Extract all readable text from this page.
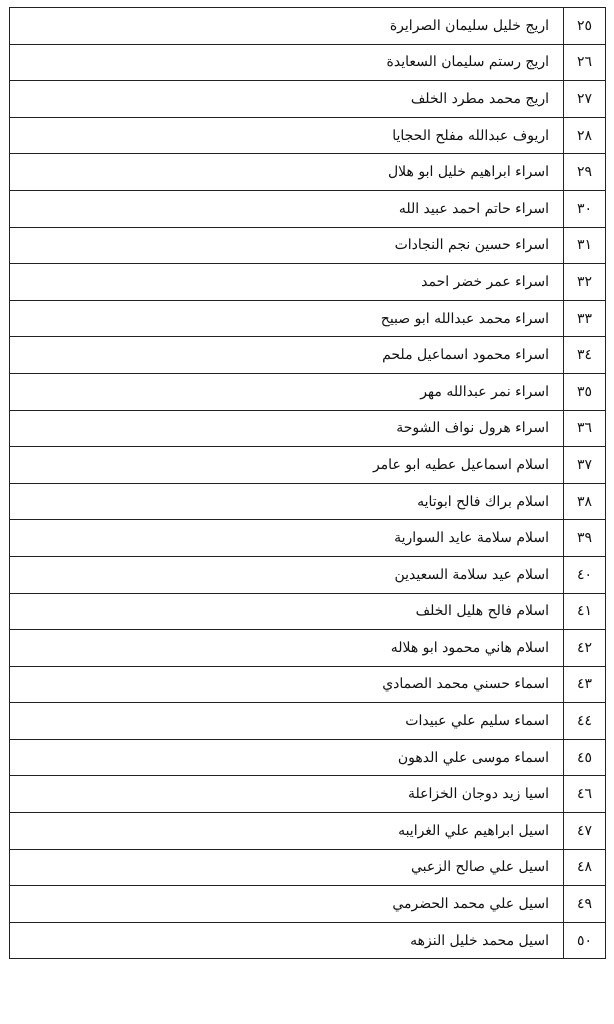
٢٥	اريج خليل سليمان الصرايرة
٢٦	اريج رستم سليمان السعايدة
٢٧	اريج محمد مطرد الخلف
٢٨	اريوف عبدالله مفلح الحجايا
٢٩	اسراء ابراهيم خليل ابو هلال
٣٠	اسراء حاتم احمد عبيد الله
٣١	اسراء حسين نجم النجادات
٣٢	اسراء عمر خضر احمد
٣٣	اسراء محمد عبدالله ابو صبيح
٣٤	اسراء محمود اسماعيل ملحم
٣٥	اسراء نمر عبدالله مهر
٣٦	اسراء هرول نواف الشوحة
٣٧	اسلام اسماعيل عطيه ابو عامر
٣٨	اسلام براك فالح ابوتايه
٣٩	اسلام سلامة عايد السوارية
٤٠	اسلام عيد سلامة السعيدين
٤١	اسلام فالح هليل الخلف
٤٢	اسلام هاني محمود ابو هلاله
٤٣	اسماء حسني محمد الصمادي
٤٤	اسماء سليم علي عبيدات
٤٥	اسماء موسى علي الدهون
٤٦	اسيا زيد دوجان الخزاعلة
٤٧	اسيل ابراهيم علي الغرايبه
٤٨	اسيل علي صالح الزعبي
٤٩	اسيل علي محمد الحضرمي
٥٠	اسيل محمد خليل النزهه
